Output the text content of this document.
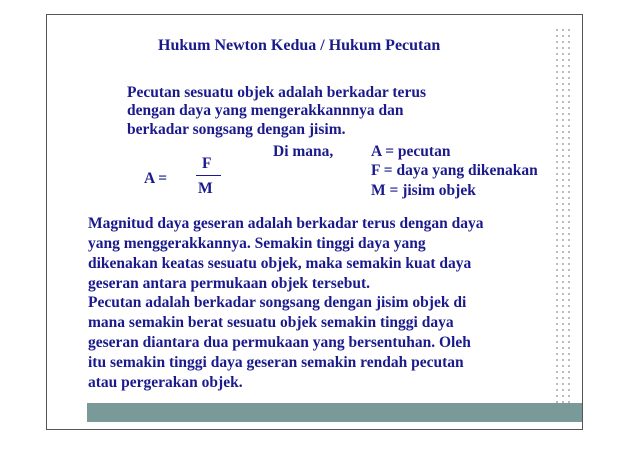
Hukum Newton Kedua / Hukum Pecutan
Pecutan sesuatu objek adalah berkadar terus
dengan daya yang mengerakkannnya dan
berkadar songsang dengan jisim.
A =
F
M
Di mana, A = pecutan
F = daya yang dikenakan
M = jisim objek
Magnitud daya geseran adalah berkadar terus dengan daya
yang menggerakkannya. Semakin tinggi daya yang
dikenakan keatas sesuatu objek, maka semakin kuat daya
geseran antara permukaan objek tersebut.
Pecutan adalah berkadar songsang dengan jisim objek di
mana semakin berat sesuatu objek semakin tinggi daya
geseran diantara dua permukaan yang bersentuhan. Oleh
itu semakin tinggi daya geseran semakin rendah pecutan
atau pergerakan objek.
